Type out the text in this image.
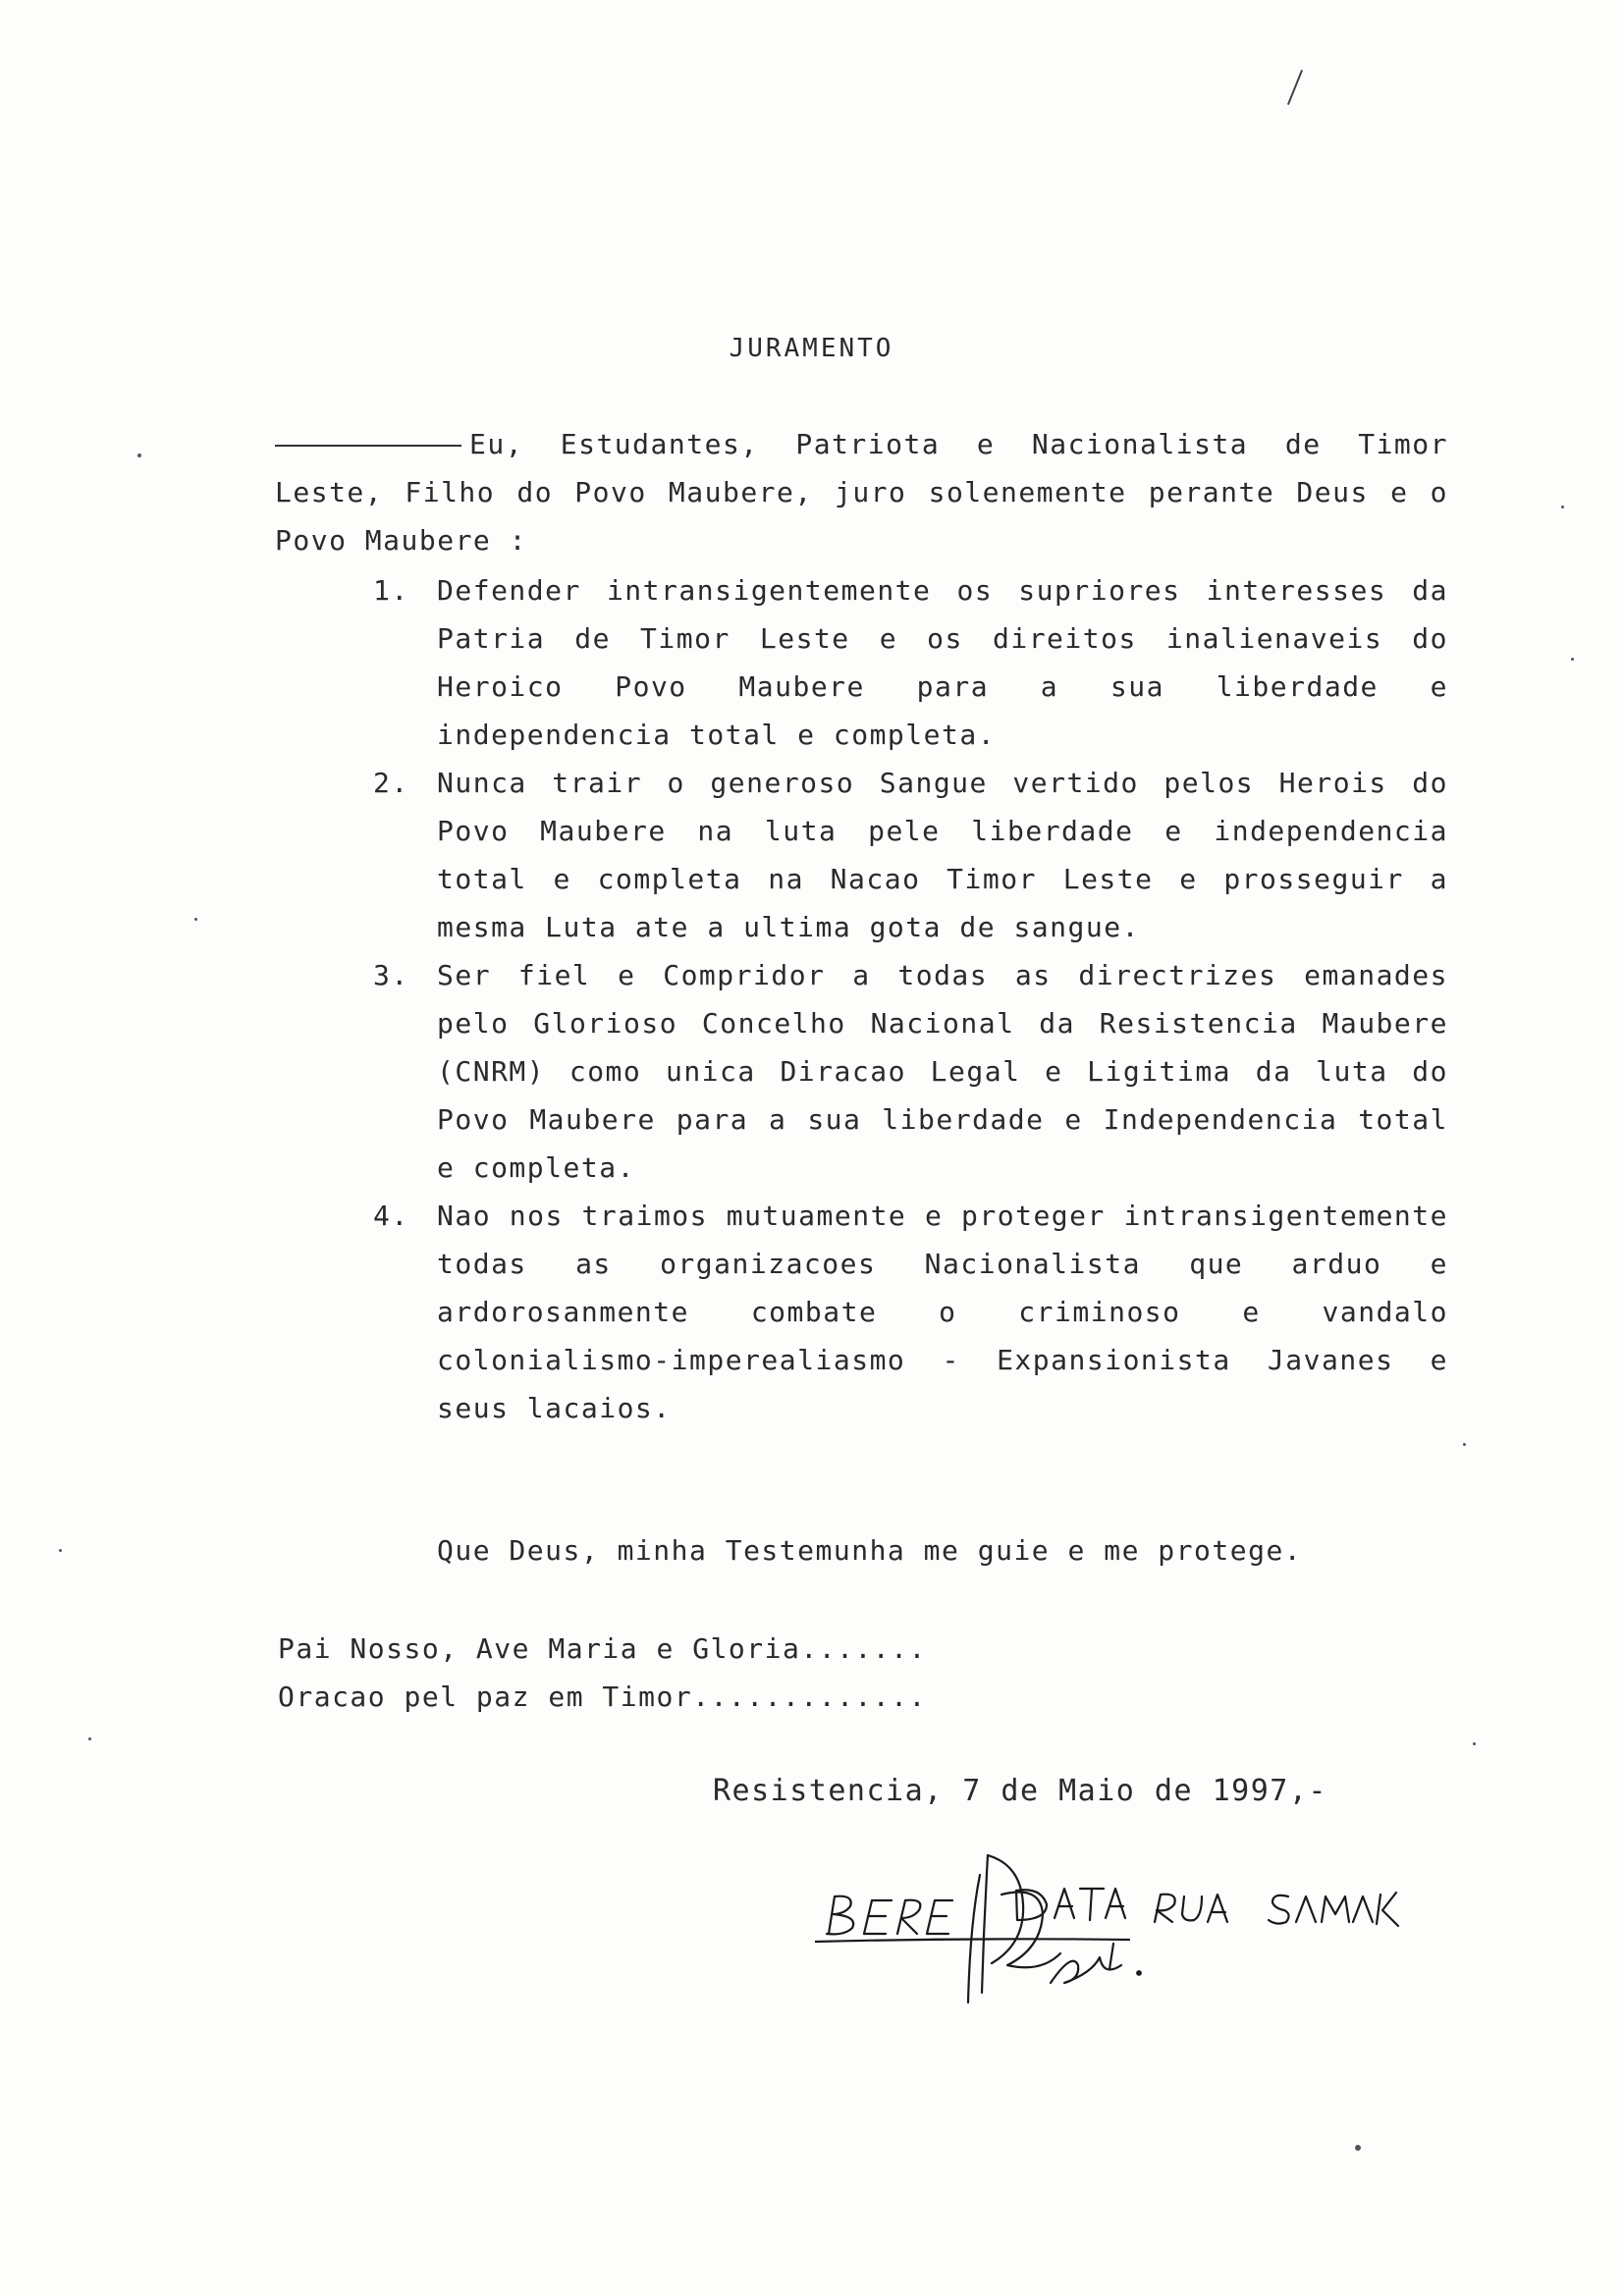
JURAMENTO
Eu, Estudantes, Patriota e Nacionalista de Timor Leste, Filho do Povo Maubere, juro solenemente perante Deus e o Povo Maubere :
1. Defender intransigentemente os supriores interesses da Patria de Timor Leste e os direitos inalienaveis do Heroico Povo Maubere para a sua liberdade e independencia total e completa.
2. Nunca trair o generoso Sangue vertido pelos Herois do Povo Maubere na luta pele liberdade e independencia total e completa na Nacao Timor Leste e prosseguir a mesma Luta ate a ultima gota de sangue.
3. Ser fiel e Compridor a todas as directrizes emanades pelo Glorioso Concelho Nacional da Resistencia Maubere (CNRM) como unica Diracao Legal e Ligitima da luta do Povo Maubere para a sua liberdade e Independencia total e completa.
4. Nao nos traimos mutuamente e proteger intransigentemente todas as organizacoes Nacionalista que arduo e ardorosanmente combate o criminoso e vandalo colonialismo-imperealiasmo - Expansionista Javanes e seus lacaios.
Que Deus, minha Testemunha me guie e me protege.
Pai Nosso, Ave Maria e Gloria.......
Oracao pel paz em Timor.............
Resistencia, 7 de Maio de 1997,-
